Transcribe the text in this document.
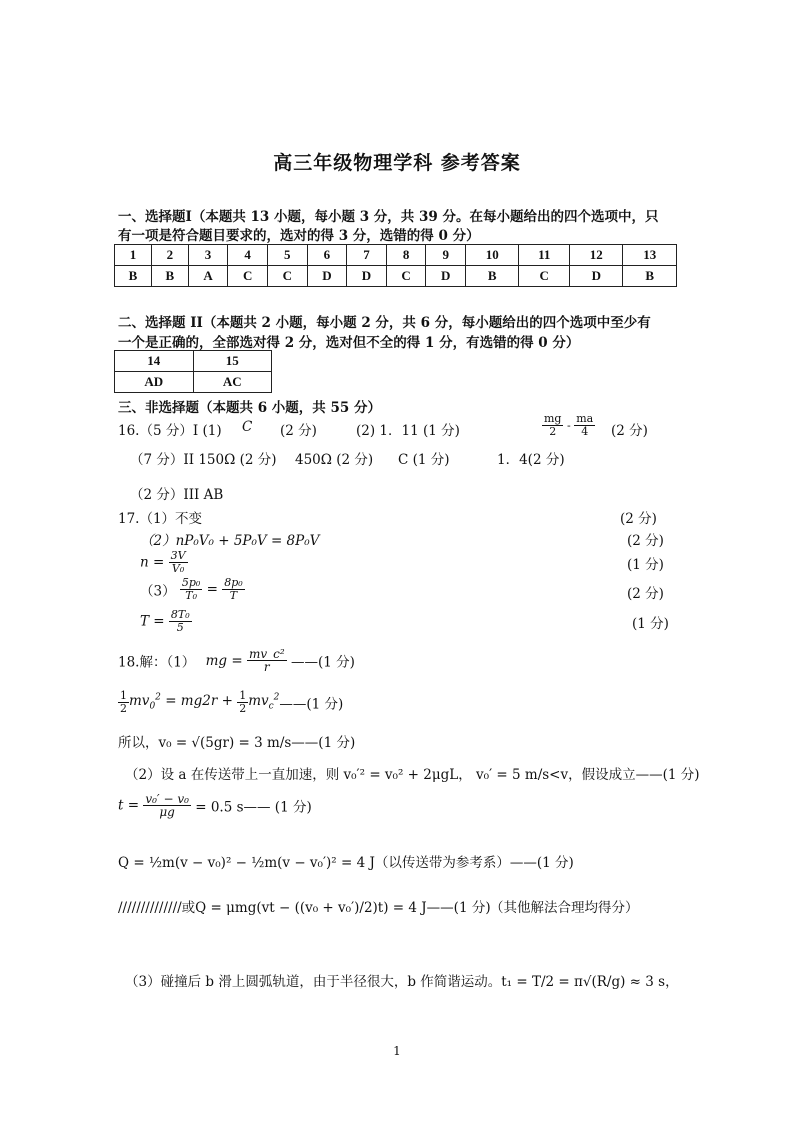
高三年级物理学科 参考答案
一、选择题I（本题共 13 小题，每小题 3 分，共 39 分。在每小题给出的四个选项中，只
有一项是符合题目要求的，选对的得 3 分，选错的得 0 分）
1	2	3	4	5	6	7	8	9	10	11	12	13
B	B	A	C	C	D	D	C	D	B	C	D	B
二、选择题 II（本题共 2 小题，每小题 2 分，共 6 分，每小题给出的四个选项中至少有
一个是正确的，全部选对得 2 分，选对但不全的得 1 分，有选错的得 0 分）
14	15
AD	AC
三、非选择题（本题共 6 小题，共 55 分）
16.（5 分）I (1) C (2 分)	(2) 1．11 (1 分)	$\frac{mg}{2} - \frac{ma}{4} (2$ 分)
（7 分）II 150Ω (2 分) 450Ω (2 分) C (1 分)	1．4(2 分)
（2 分）III AB
17.（1）不变	(2 分)
（2）nP₀V₀ + 5P₀V = 8P₀V	(2 分)
$n = \frac{3V}{\text{V₀}}$	(1 分)
$(3) \frac{\text{5p₀}}{\text{T₀}} = \frac{\text{8p₀}}{T}$	(2 分)
$T = \frac{\text{8T₀}}{5}$	(1 分)
18.解：（1） mg = $\frac{\text{mv\_c²}}{r}$ ——(1 分)
$\frac{1}{2} mv_0^2 = mg2r + \frac{1}{2}$ $mv_c^2——(1$ 分)
所以，v₀ = √(5gr) = 3 m/s——(1 分)
（2）设 a 在传送带上一直加速，则 v₀′² = v₀² + 2μgL， v₀′ = 5 m/s<v，假设成立——(1 分)
$t = \frac{\text{v₀′ − v₀}}{\mu g} = 0.5$ s—— (1 分)
Q = ½m(v − v₀)² − ½m(v − v₀′)² = 4 J（以传送带为参考系）——(1 分)
//////////////或Q = μmg(vt − ((v₀ + v₀′)/2)t) = 4 J——(1 分) （其他解法合理均得分）
（3）碰撞后 b 滑上圆弧轨道，由于半径很大，b 作简谐运动。t₁ = T/2 = π√(R/g) ≈ 3 s，
1
